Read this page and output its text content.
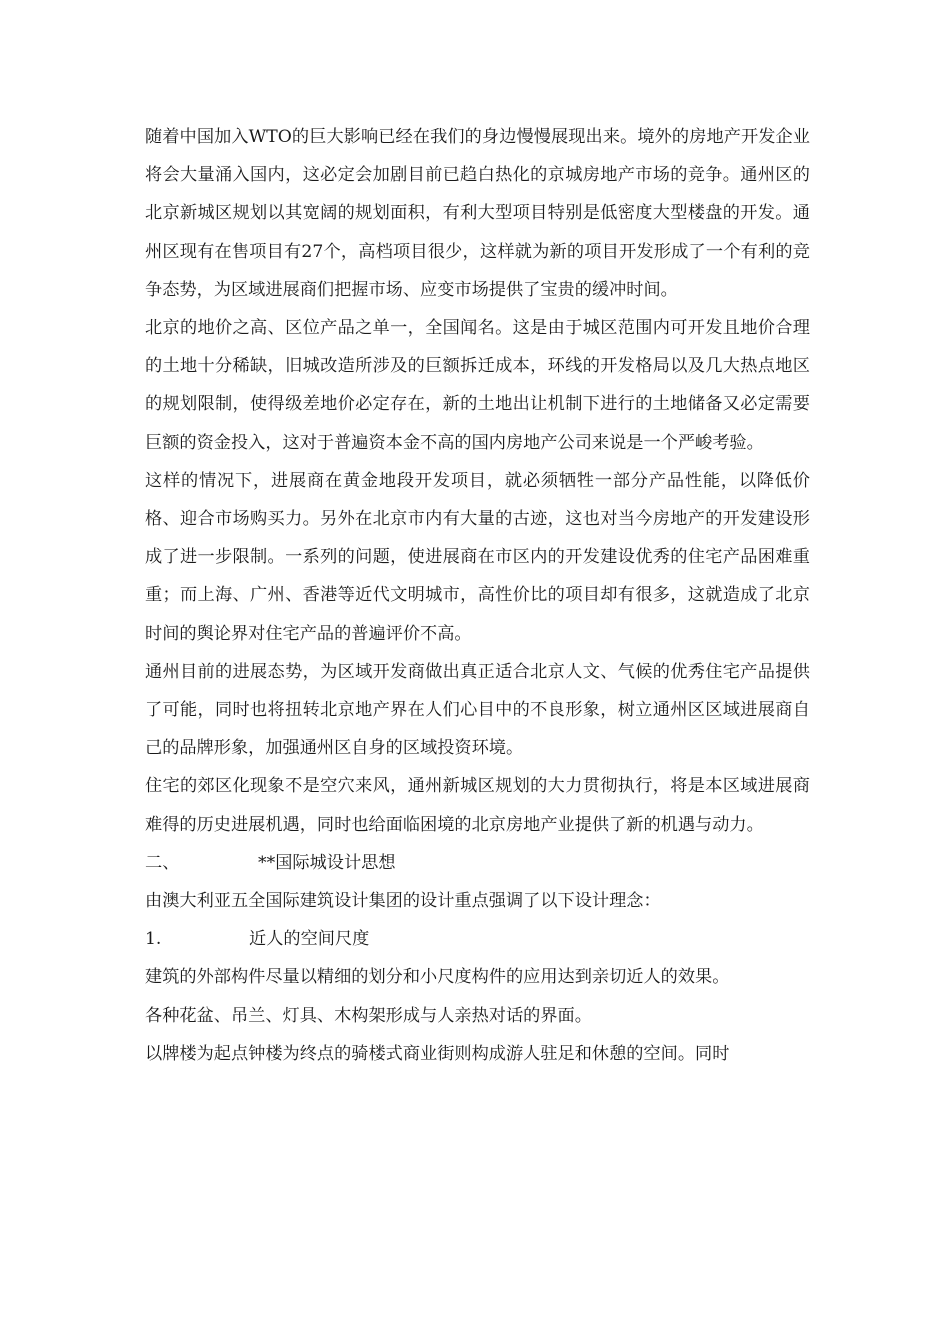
随着中国加入WTO的巨大影响已经在我们的身边慢慢展现出来。境外的房地产开发企业将会大量涌入国内，这必定会加剧目前已趋白热化的京城房地产市场的竞争。通州区的北京新城区规划以其宽阔的规划面积，有利大型项目特别是低密度大型楼盘的开发。通州区现有在售项目有27个，高档项目很少，这样就为新的项目开发形成了一个有利的竞争态势，为区域进展商们把握市场、应变市场提供了宝贵的缓冲时间。

北京的地价之高、区位产品之单一，全国闻名。这是由于城区范围内可开发且地价合理的土地十分稀缺，旧城改造所涉及的巨额拆迁成本，环线的开发格局以及几大热点地区的规划限制，使得级差地价必定存在，新的土地出让机制下进行的土地储备又必定需要巨额的资金投入，这对于普遍资本金不高的国内房地产公司来说是一个严峻考验。

这样的情况下，进展商在黄金地段开发项目，就必须牺牲一部分产品性能，以降低价格、迎合市场购买力。另外在北京市内有大量的古迹，这也对当今房地产的开发建设形成了进一步限制。一系列的问题，使进展商在市区内的开发建设优秀的住宅产品困难重重；而上海、广州、香港等近代文明城市，高性价比的项目却有很多，这就造成了北京时间的舆论界对住宅产品的普遍评价不高。

通州目前的进展态势，为区域开发商做出真正适合北京人文、气候的优秀住宅产品提供了可能，同时也将扭转北京地产界在人们心目中的不良形象，树立通州区区域进展商自己的品牌形象，加强通州区自身的区域投资环境。

住宅的郊区化现象不是空穴来风，通州新城区规划的大力贯彻执行，将是本区域进展商难得的历史进展机遇，同时也给面临困境的北京房地产业提供了新的机遇与动力。

二、	**国际城设计思想

由澳大利亚五全国际建筑设计集团的设计重点强调了以下设计理念：

1.	近人的空间尺度

建筑的外部构件尽量以精细的划分和小尺度构件的应用达到亲切近人的效果。

各种花盆、吊兰、灯具、木构架形成与人亲热对话的界面。

以牌楼为起点钟楼为终点的骑楼式商业街则构成游人驻足和休憩的空间。同时
